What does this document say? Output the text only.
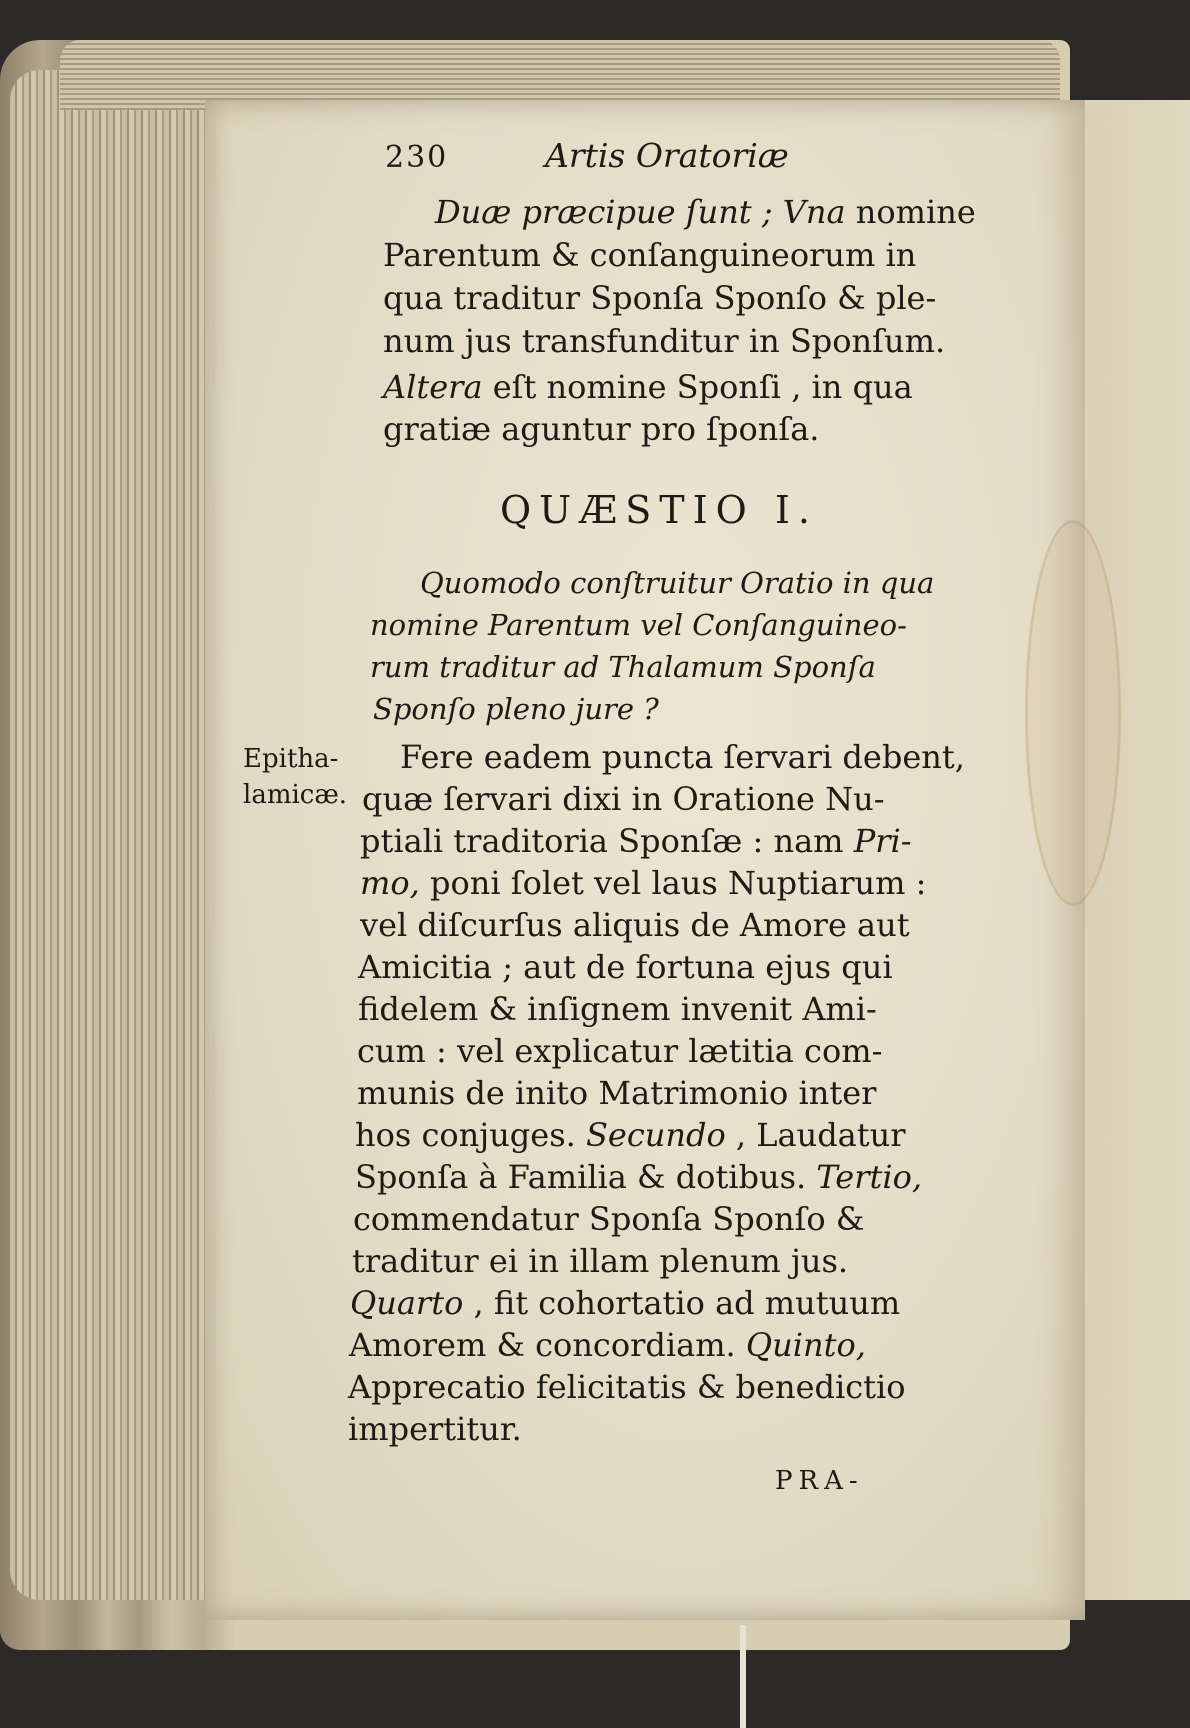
230	Artis Oratoriæ
Duæ præcipue ſunt ; Vna nomine
Parentum & conſanguineorum in
qua traditur Sponſa Sponſo & ple-
num jus transfunditur in Sponſum.
Altera eſt nomine Sponſi , in qua
gratiæ aguntur pro ſponſa.
QUÆSTIO I.
Quomodo conſtruitur Oratio in qua
nomine Parentum vel Conſanguineo-
rum traditur ad Thalamum Sponſa
Sponſo pleno jure ?
Epitha-
lamicæ.
Fere eadem puncta ſervari debent,
quæ ſervari dixi in Oratione Nu-
ptiali traditoria Sponſæ : nam Pri-
mo, poni ſolet vel laus Nuptiarum :
vel diſcurſus aliquis de Amore aut
Amicitia ; aut de fortuna ejus qui
fidelem & inſignem invenit Ami-
cum : vel explicatur lætitia com-
munis de inito Matrimonio inter
hos conjuges. Secundo , Laudatur
Sponſa à Familia & dotibus. Tertio,
commendatur Sponſa Sponſo &
traditur ei in illam plenum jus.
Quarto , fit cohortatio ad mutuum
Amorem & concordiam. Quinto,
Apprecatio felicitatis & benedictio
impertitur.
PRA-
